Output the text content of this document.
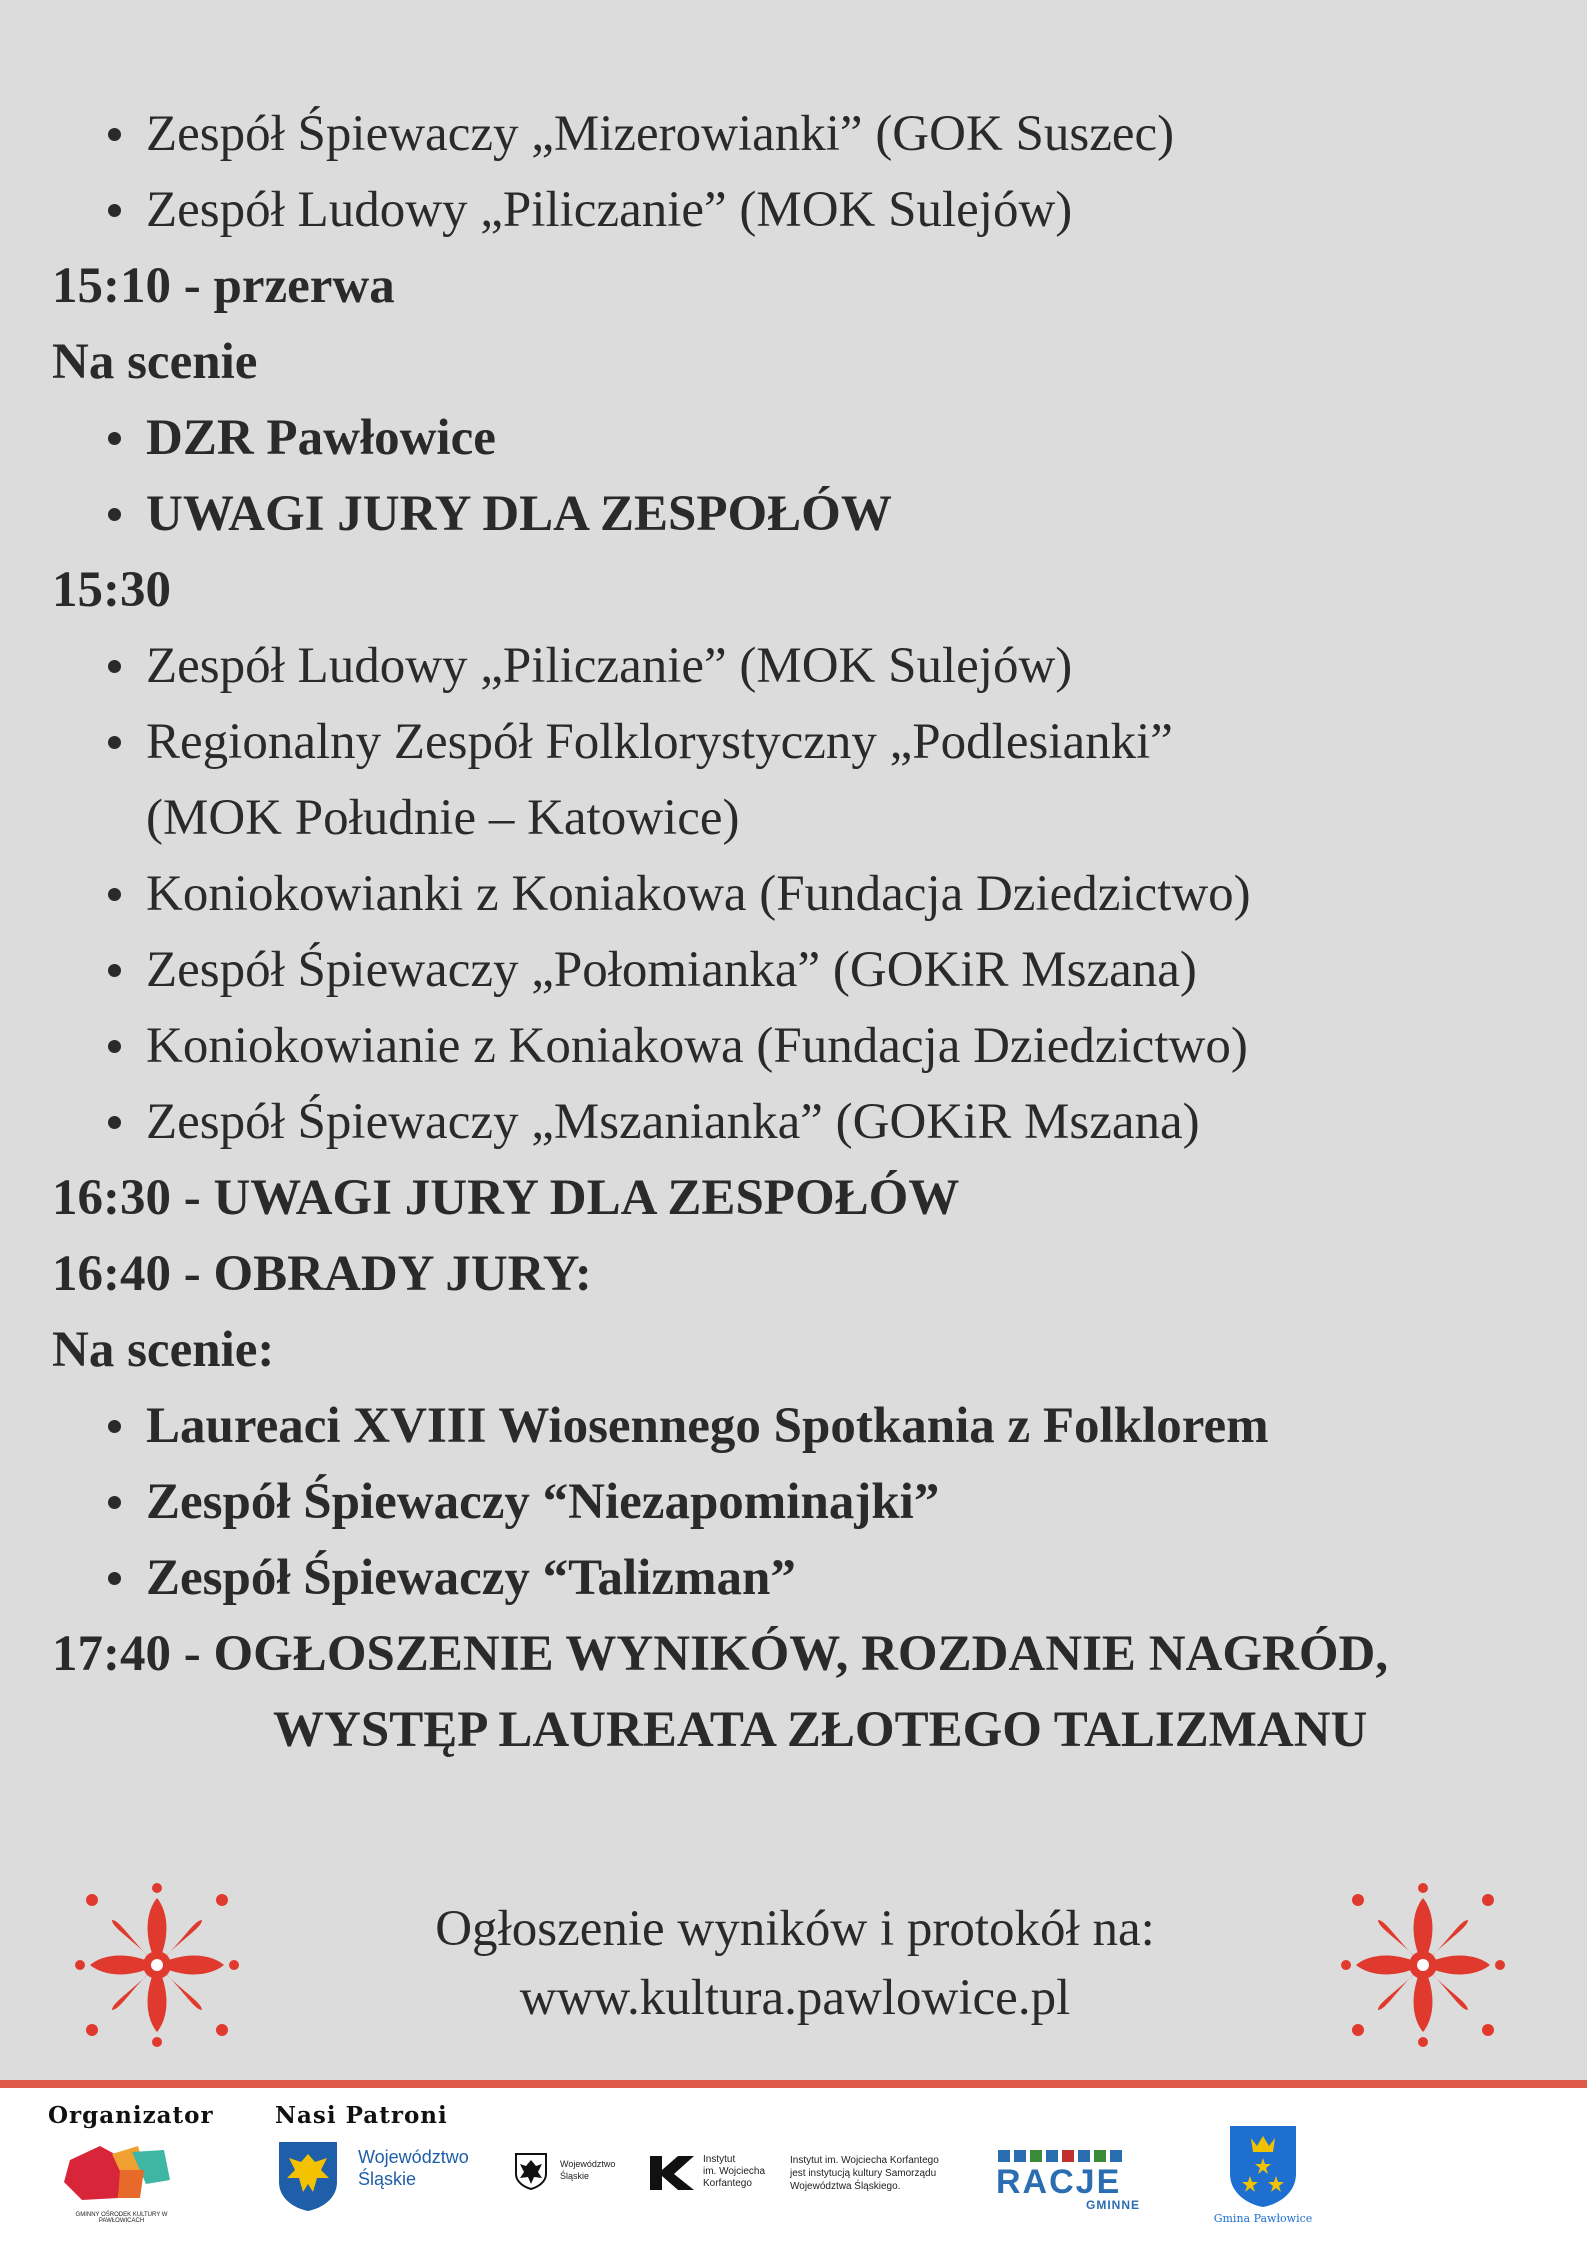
Zespół Śpiewaczy „Mizerowianki” (GOK Suszec)
Zespół Ludowy „Piliczanie” (MOK Sulejów)
15:10 - przerwa
Na scenie
DZR Pawłowice
UWAGI JURY DLA ZESPOŁÓW
15:30
Zespół Ludowy „Piliczanie” (MOK Sulejów)
Regionalny Zespół Folklorystyczny „Podlesianki”
(MOK Południe – Katowice)
Koniokowianki z Koniakowa (Fundacja Dziedzictwo)
Zespół Śpiewaczy „Połomianka” (GOKiR Mszana)
Koniokowianie z Koniakowa (Fundacja Dziedzictwo)
Zespół Śpiewaczy „Mszanianka” (GOKiR Mszana)
16:30 - UWAGI JURY DLA ZESPOŁÓW
16:40 - OBRADY JURY:
Na scenie:
Laureaci XVIII Wiosennego Spotkania z Folklorem
Zespół Śpiewaczy “Niezapominajki”
Zespół Śpiewaczy “Talizman”
17:40 - OGŁOSZENIE WYNIKÓW, ROZDANIE NAGRÓD,
WYSTĘP LAUREATA ZŁOTEGO TALIZMANU
Ogłoszenie wyników i protokół na:
www.kultura.pawlowice.pl
Organizator	Nasi Patroni
GMINNY OŚRODEK KULTURY W PAWŁOWICACH
Województwo
Śląskie
Województwo
Śląskie
Instytut
im. Wojciecha
Korfantego
Instytut im. Wojciecha Korfantego
jest instytucją kultury Samorządu
Województwa Śląskiego.	RACJE
GMINNE
Gmina Pawłowice
